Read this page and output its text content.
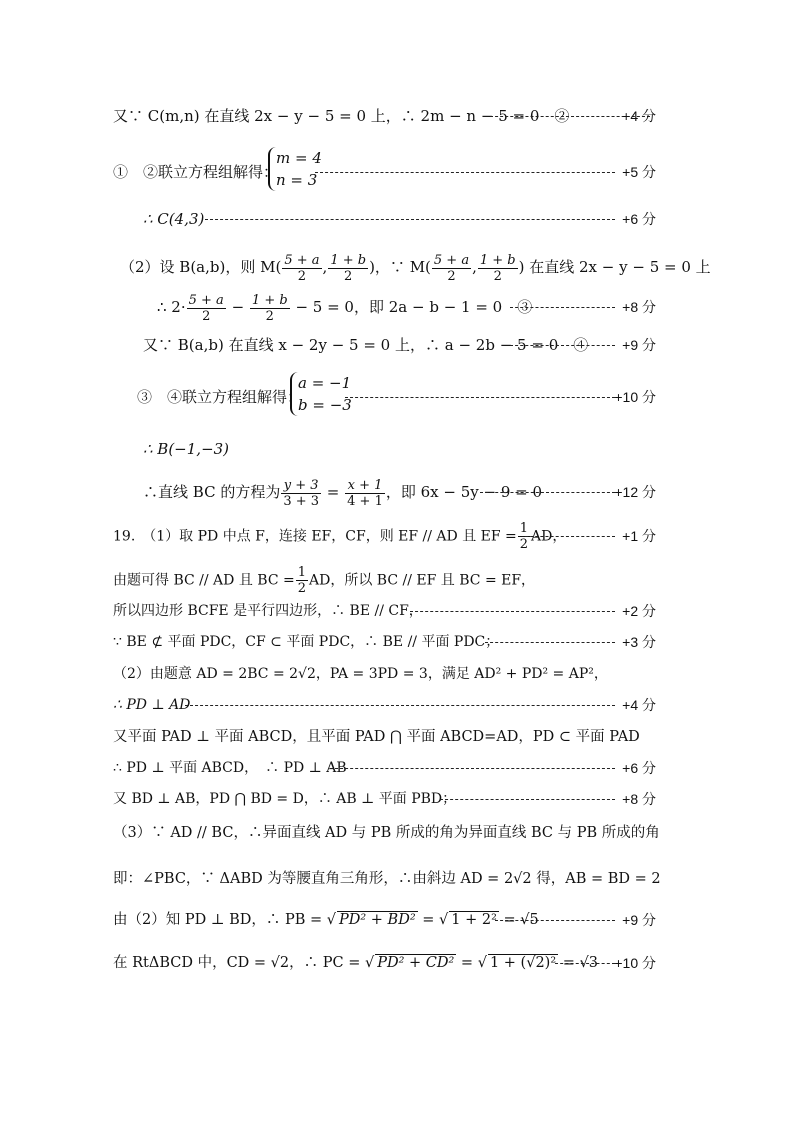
又∵ C(m,n) 在直线 2x − y − 5 = 0 上，∴ 2m − n − 5 = 0　②	+4 分
①　②联立方程组解得：
m = 4
n = 3	+5 分
∴ C(4,3)	+6 分
（2）设 B(a,b)，则 $M( \frac{5 + a}{2}$ , $\frac{1 + b}{2}$ )，∵ $M( \frac{5 + a}{2}$ , $\frac{1 + b}{2}$ ) 在直线 2x − y − 5 = 0 上
∴ $2\cdot \frac{5 + a}{2} - \frac{1 + b}{2} - 5 = 0$，即 2a − b − 1 = 0　③	+8 分
又∵ B(a,b) 在直线 x − 2y − 5 = 0 上，∴ a − 2b − 5 = 0　④ +9 分
③　④联立方程组解得：
a = −1
b = −3	+10 分
∴ B(−1,−3)
∴直线 BC 的方程为 $\frac{y + 3}{3 + 3} = \frac{x + 1}{4 + 1}$ ，即 6x − 5y − 9 = 0	+12 分
19.　（1）取 PD 中点 F，连接 EF，CF，则 EF // AD 且 EF = $\frac{1}{2}$ AD，	+1 分
由题可得 BC // AD 且 BC = $\frac{1}{2}$ AD，所以 BC // EF 且 BC = EF，
所以四边形 BCFE 是平行四边形，∴ BE // CF，	+2 分
∵ BE ⊄ 平面 PDC，CF ⊂ 平面 PDC，∴ BE // 平面 PDC；	+3 分
（2）由题意 AD = 2BC = 2√2，PA = 3PD = 3，满足 AD² + PD² = AP²，
∴ PD ⊥ AD	+4 分
又平面 PAD ⊥ 平面 ABCD，且平面 PAD ⋂ 平面 ABCD=AD，PD ⊂ 平面 PAD
∴ PD ⊥ 平面 ABCD，　∴ PD ⊥ AB	+6 分
又 BD ⊥ AB，PD ⋂ BD = D，∴ AB ⊥ 平面 PBD；	+8 分
（3）∵ AD // BC，∴异面直线 AD 与 PB 所成的角为异面直线 BC 与 PB 所成的角
即：∠PBC，∵ ΔABD 为等腰直角三角形，∴由斜边 AD = 2√2 得，AB = BD = 2
由（2）知 PD ⊥ BD，∴ PB = √ PD² + BD² = √ 1 + 2² = √5	+9 分
在 RtΔBCD 中，CD = √2，∴ PC = √ PD² + CD² = √ 1 + (√2)² = √3 +10 分
